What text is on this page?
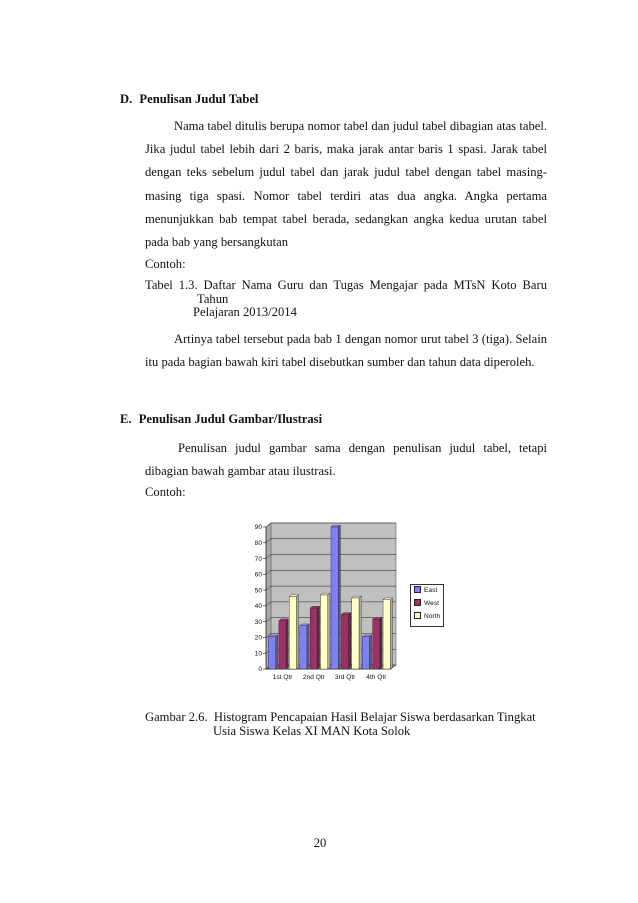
D. Penulisan Judul Tabel
Nama tabel ditulis berupa nomor tabel dan judul tabel dibagian atas tabel. Jika judul tabel lebih dari 2 baris, maka jarak antar baris 1 spasi. Jarak tabel dengan teks sebelum judul tabel dan jarak judul tabel dengan tabel masing-masing tiga spasi. Nomor tabel terdiri atas dua angka. Angka pertama menunjukkan bab tempat tabel berada, sedangkan angka kedua urutan tabel pada bab yang bersangkutan
Contoh:
Tabel 1.3. Daftar Nama Guru dan Tugas Mengajar pada MTsN Koto Baru
Tahun
Pelajaran 2013/2014
Artinya tabel tersebut pada bab 1 dengan nomor urut tabel 3 (tiga). Selain itu pada bagian bawah kiri tabel disebutkan sumber dan tahun data diperoleh.
E. Penulisan Judul Gambar/Ilustrasi
Penulisan judul gambar sama dengan penulisan judul tabel, tetapi dibagian bawah gambar atau ilustrasi.
Contoh:
0
10
20
30
40
50
60
70
80
90
1st Qtr 2nd Qtr 3rd Qtr 4th Qtr
East
West
North
Gambar 2.6.  Histogram Pencapaian Hasil Belajar Siswa berdasarkan Tingkat
Usia Siswa Kelas XI MAN Kota Solok
20
